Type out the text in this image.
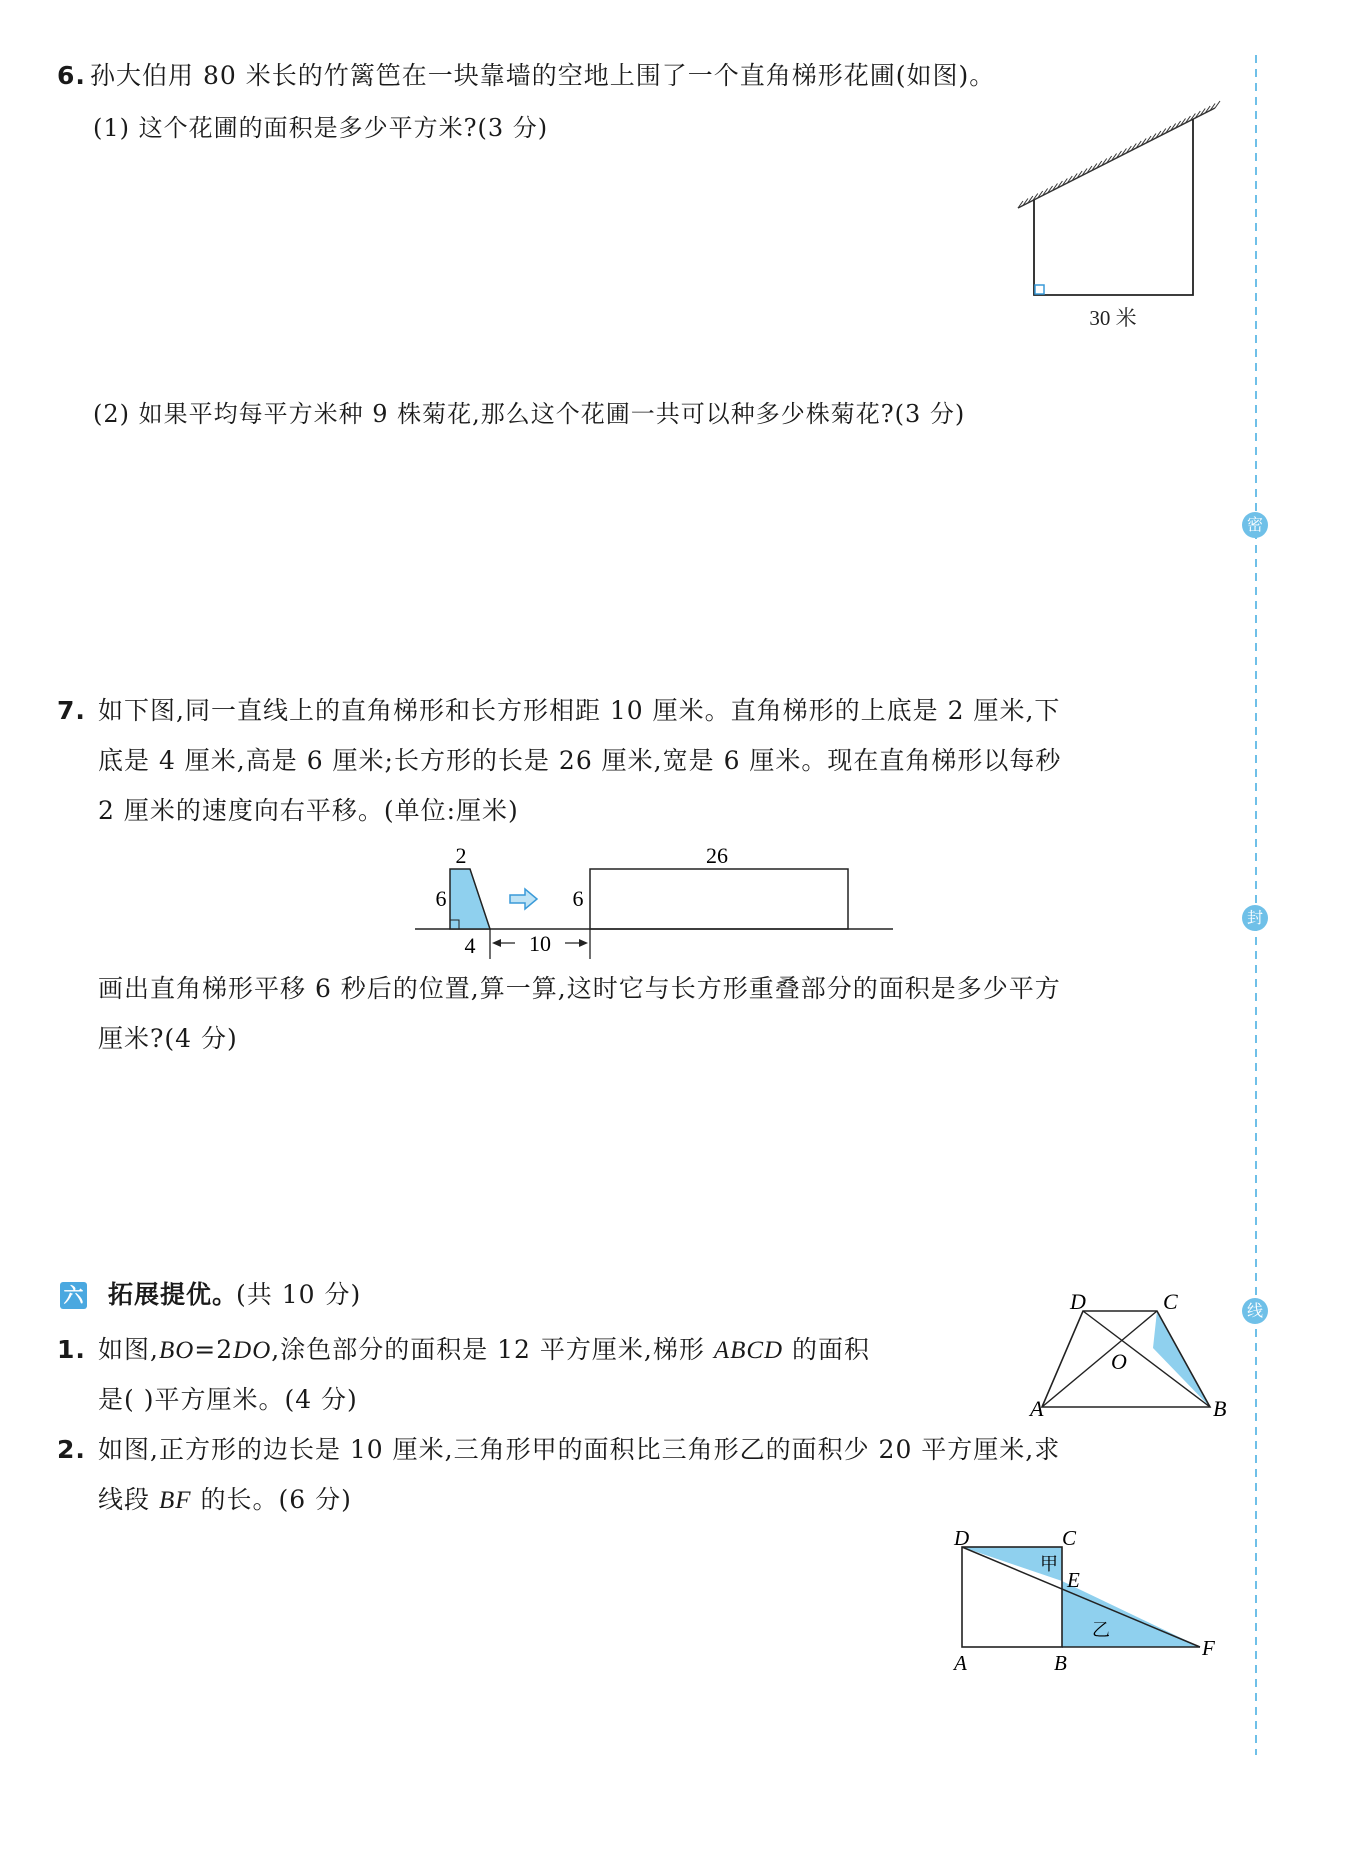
6. 孙大伯用 80 米长的竹篱笆在一块靠墙的空地上围了一个直角梯形花圃(如图)。
(1) 这个花圃的面积是多少平方米?(3 分)
30 米
(2) 如果平均每平方米种 9 株菊花,那么这个花圃一共可以种多少株菊花?(3 分)
7. 如下图,同一直线上的直角梯形和长方形相距 10 厘米。直角梯形的上底是 2 厘米,下
底是 4 厘米,高是 6 厘米;长方形的长是 26 厘米,宽是 6 厘米。现在直角梯形以每秒
2 厘米的速度向右平移。(单位:厘米)
2
6
4
6
26
10
画出直角梯形平移 6 秒后的位置,算一算,这时它与长方形重叠部分的面积是多少平方
厘米?(4 分)
六 拓展提优。
(共 10 分)
1. 如图,BO=2DO,涂色部分的面积是 12 平方厘米,梯形 ABCD 的面积
是( )平方厘米。(4 分)
D	C
O
A	B
2. 如图,正方形的边长是 10 厘米,三角形甲的面积比三角形乙的面积少 20 平方厘米,求
线段 BF 的长。(6 分)
甲
乙
D	C
E
A	B
F
密
封
线
